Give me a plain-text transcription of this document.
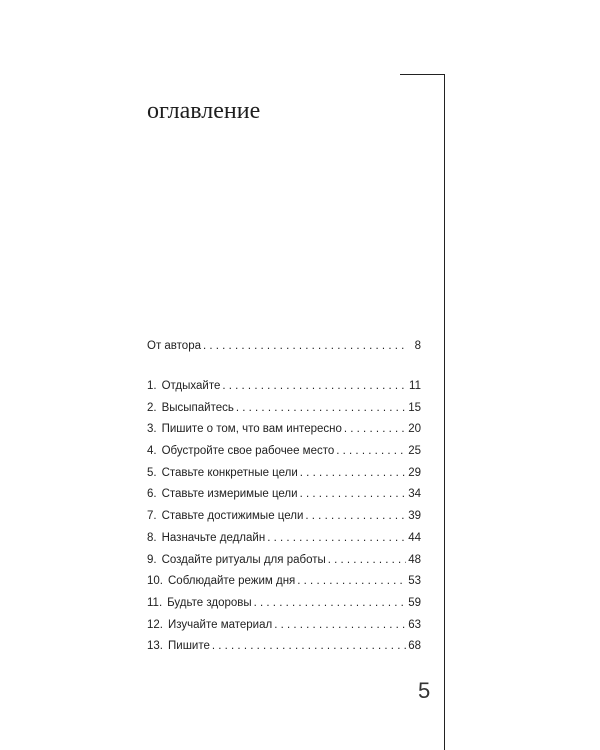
оглавление
От автора . . .	8
1. Отдыхайте . . .	11
2. Высыпайтесь . . .	15
3. Пишите о том, что вам интересно . . .	20
4. Обустройте свое рабочее место . . .	25
5. Ставьте конкретные цели . . .	29
6. Ставьте измеримые цели . . .	34
7. Ставьте достижимые цели . . .	39
8. Назначьте дедлайн . . .	44
9. Создайте ритуалы для работы . . .	48
10. Соблюдайте режим дня . . .	53
11. Будьте здоровы . . .	59
12. Изучайте материал . . .	63
13. Пишите . . .	68
5
